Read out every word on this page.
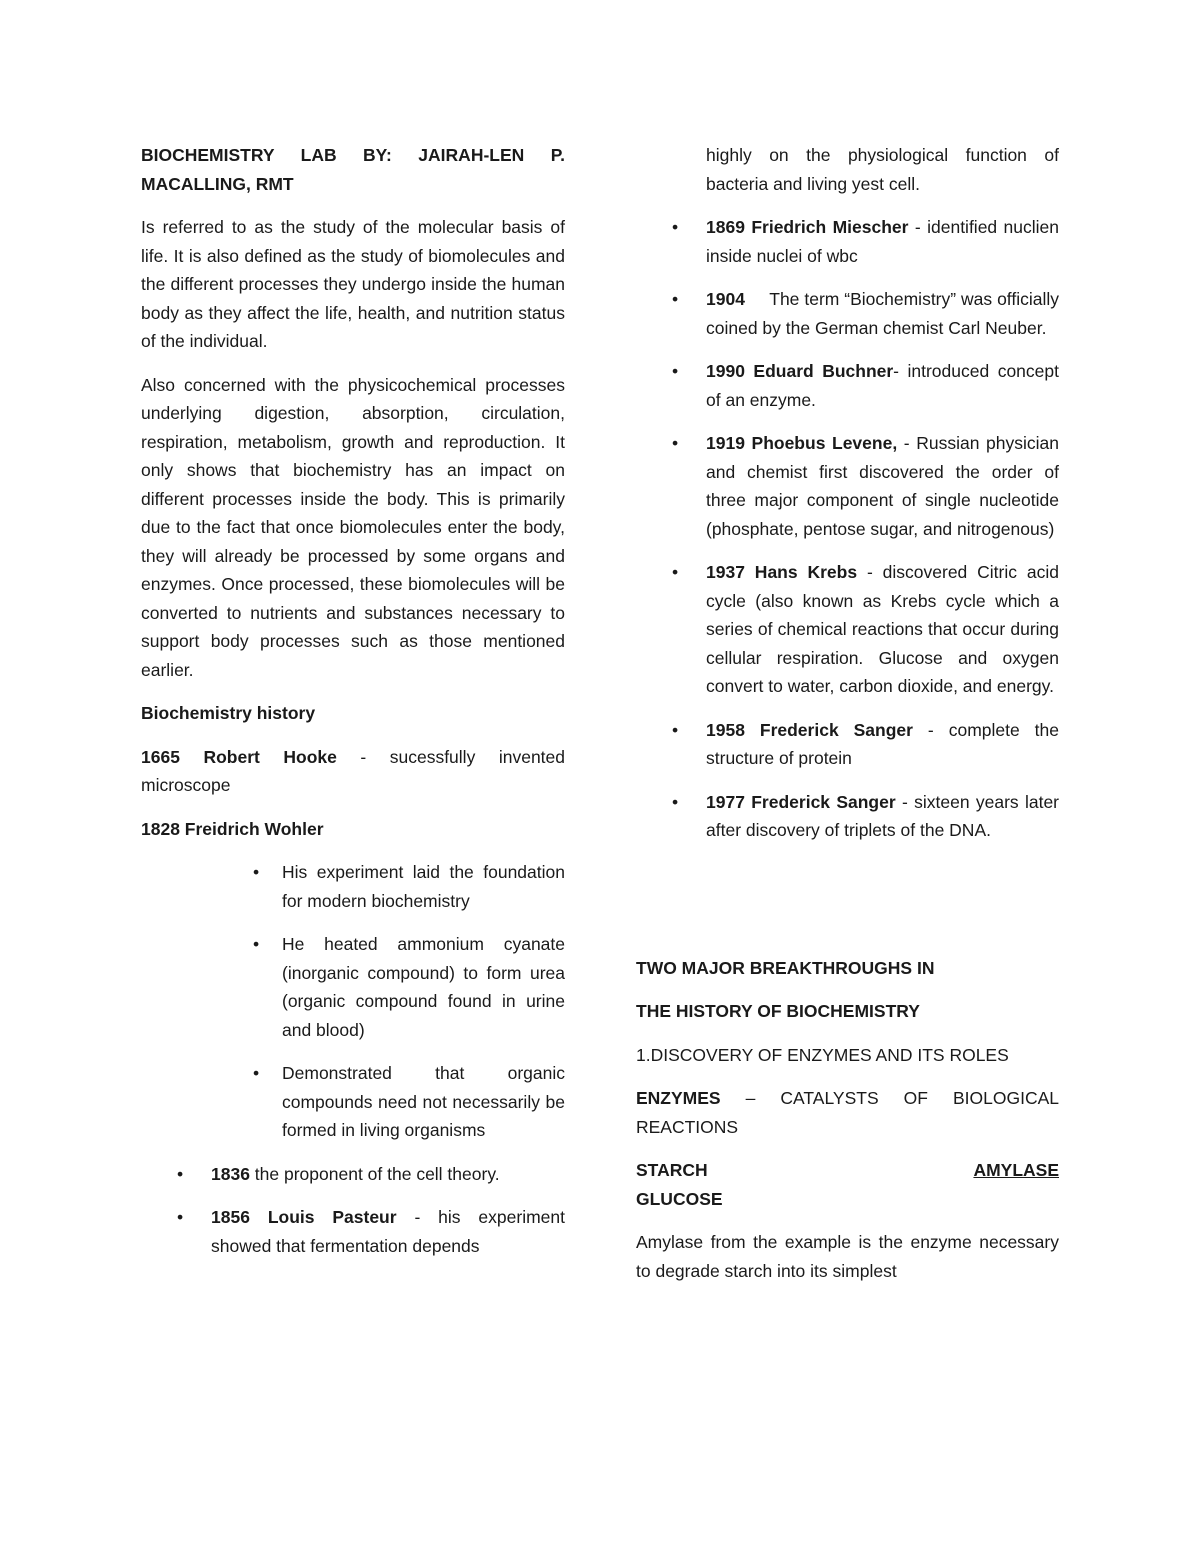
BIOCHEMISTRY LAB BY: JAIRAH-LEN P. MACALLING, RMT

Is referred to as the study of the molecular basis of life. It is also defined as the study of biomolecules and the different processes they undergo inside the human body as they affect the life, health, and nutrition status of the individual.

Also concerned with the physicochemical processes underlying digestion, absorption, circulation, respiration, metabolism, growth and reproduction. It only shows that biochemistry has an impact on different processes inside the body. This is primarily due to the fact that once biomolecules enter the body, they will already be processed by some organs and enzymes. Once processed, these biomolecules will be converted to nutrients and substances necessary to support body processes such as those mentioned earlier.

Biochemistry history

1665 Robert Hooke - sucessfully invented microscope

1828 Freidrich Wohler

• His experiment laid the foundation for modern biochemistry
• He heated ammonium cyanate (inorganic compound) to form urea (organic compound found in urine and blood)
• Demonstrated that organic compounds need not necessarily be formed in living organisms
• 1836 the proponent of the cell theory.
• 1856 Louis Pasteur - his experiment showed that fermentation depends

highly on the physiological function of bacteria and living yest cell.

• 1869 Friedrich Miescher - identified nuclien inside nuclei of wbc
• 1904     The term “Biochemistry” was officially coined by the German chemist Carl Neuber.
• 1990 Eduard Buchner- introduced concept of an enzyme.
• 1919 Phoebus Levene, - Russian physician and chemist first discovered the order of three major component of single nucleotide (phosphate, pentose sugar, and nitrogenous)
• 1937 Hans Krebs - discovered Citric acid cycle (also known as Krebs cycle which a series of chemical reactions that occur during cellular respiration. Glucose and oxygen convert to water, carbon dioxide, and energy.
• 1958 Frederick Sanger - complete the structure of protein
• 1977 Frederick Sanger - sixteen years later after discovery of triplets of the DNA.

TWO MAJOR BREAKTHROUGHS IN

THE HISTORY OF BIOCHEMISTRY

1.DISCOVERY OF ENZYMES AND ITS ROLES

ENZYMES – CATALYSTS OF BIOLOGICAL REACTIONS

STARCH	AMYLASE

GLUCOSE

Amylase from the example is the enzyme necessary to degrade starch into its simplest
